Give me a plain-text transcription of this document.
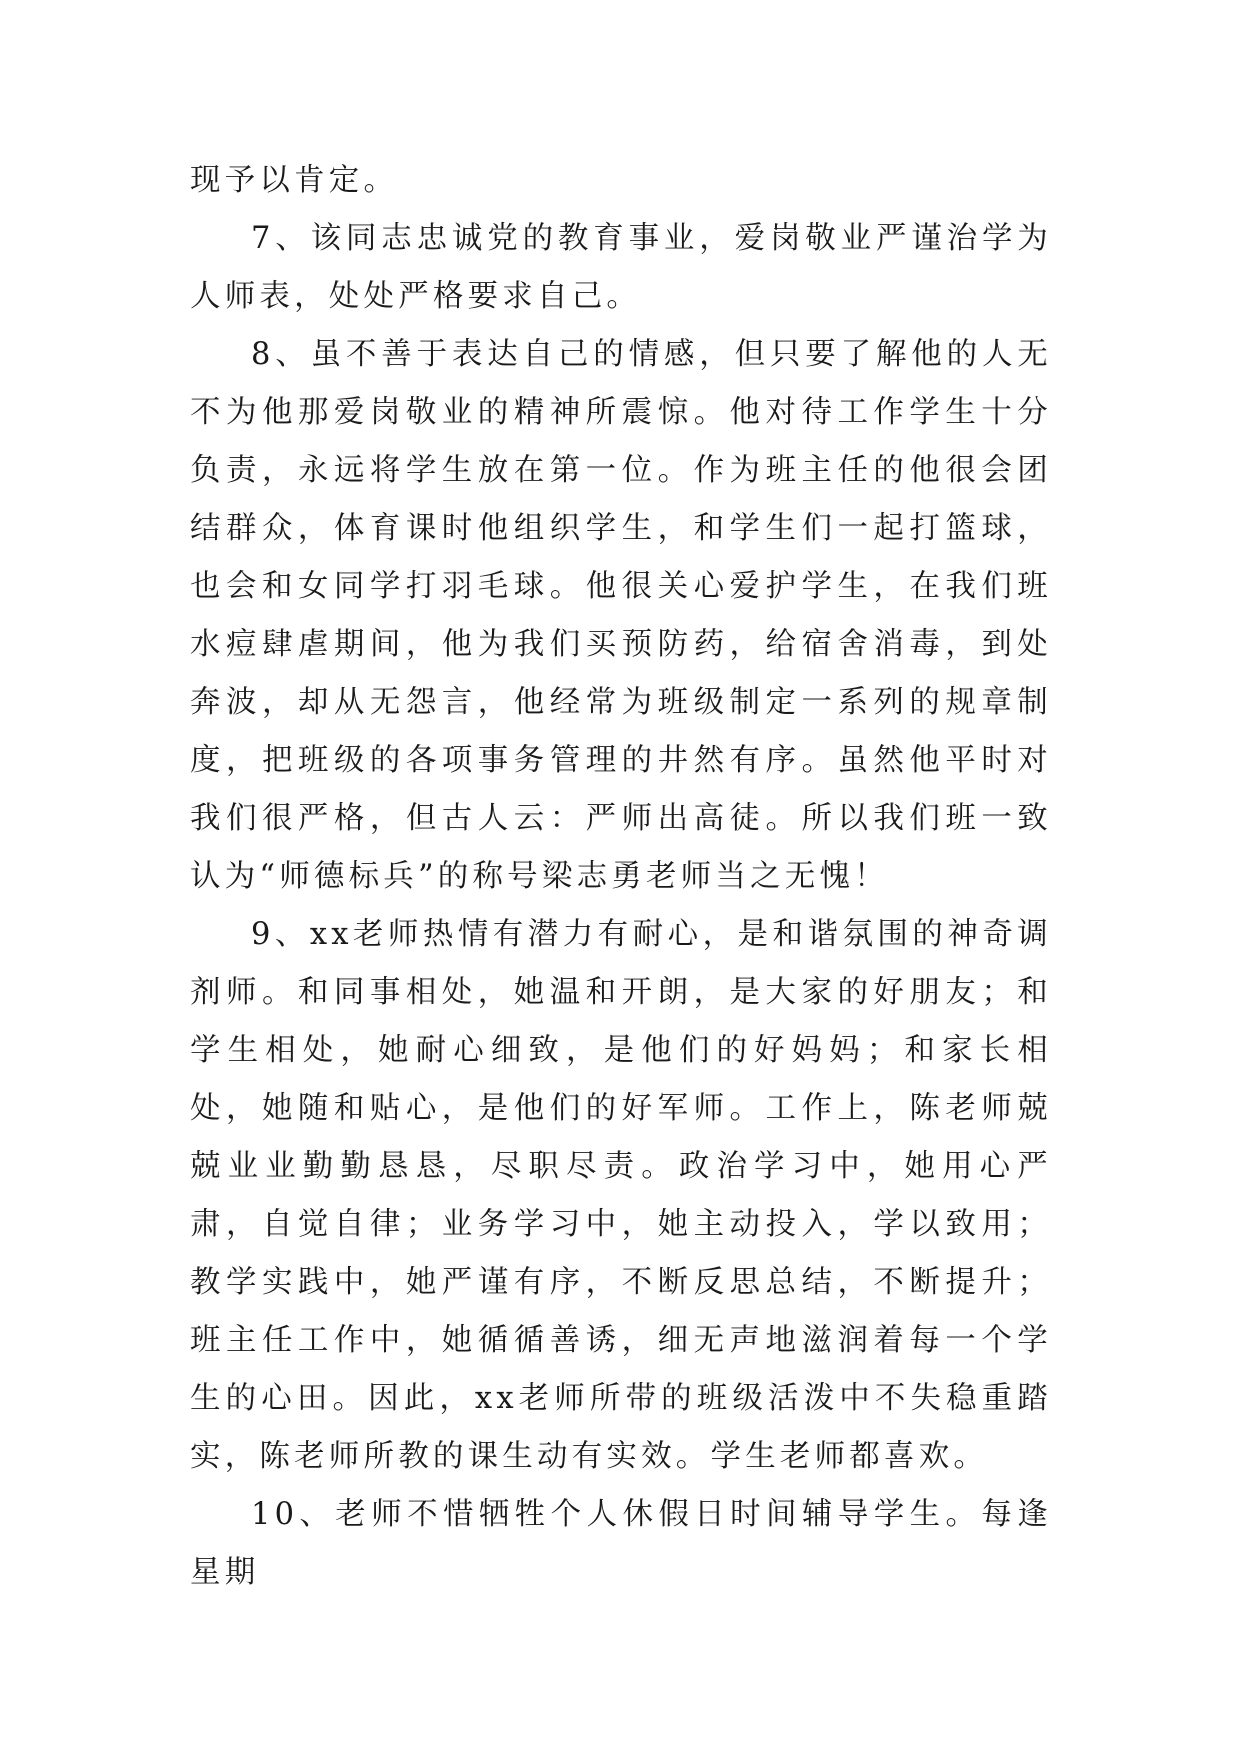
现予以肯定。

7、该同志忠诚党的教育事业，爱岗敬业严谨治学为人师表，处处严格要求自己。

8、虽不善于表达自己的情感，但只要了解他的人无不为他那爱岗敬业的精神所震惊。他对待工作学生十分负责，永远将学生放在第一位。作为班主任的他很会团结群众，体育课时他组织学生，和学生们一起打篮球，也会和女同学打羽毛球。他很关心爱护学生，在我们班水痘肆虐期间，他为我们买预防药，给宿舍消毒，到处奔波，却从无怨言，他经常为班级制定一系列的规章制度，把班级的各项事务管理的井然有序。虽然他平时对我们很严格，但古人云：严师出高徒。所以我们班一致认为“师德标兵”的称号梁志勇老师当之无愧！

9、xx老师热情有潜力有耐心，是和谐氛围的神奇调剂师。和同事相处，她温和开朗，是大家的好朋友；和学生相处，她耐心细致，是他们的好妈妈；和家长相处，她随和贴心，是他们的好军师。工作上，陈老师兢兢业业勤勤恳恳，尽职尽责。政治学习中，她用心严肃，自觉自律；业务学习中，她主动投入，学以致用；教学实践中，她严谨有序，不断反思总结，不断提升；班主任工作中，她循循善诱，细无声地滋润着每一个学生的心田。因此，xx老师所带的班级活泼中不失稳重踏实，陈老师所教的课生动有实效。学生老师都喜欢。

10、老师不惜牺牲个人休假日时间辅导学生。每逢星期
